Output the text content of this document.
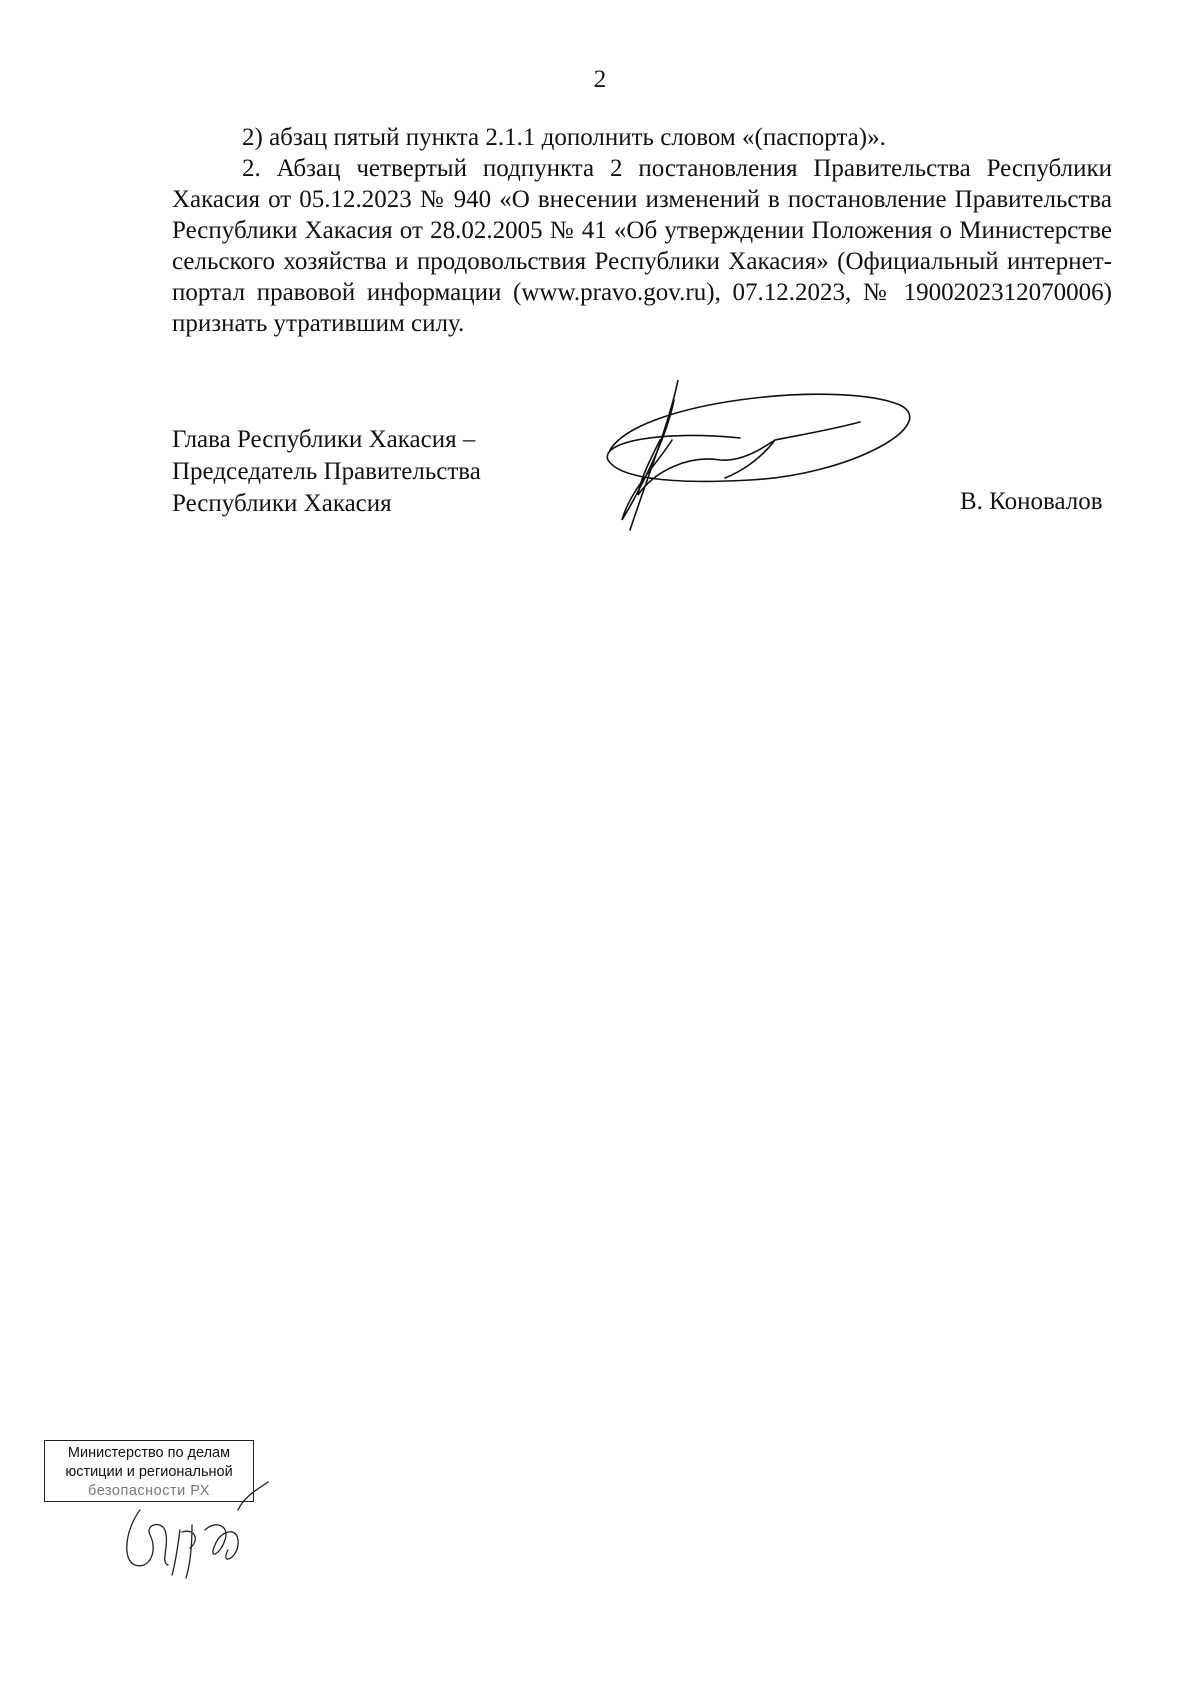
2

2) абзац пятый пункта 2.1.1 дополнить словом «(паспорта)».

2. Абзац четвертый подпункта 2 постановления Правительства Республики Хакасия от 05.12.2023 № 940 «О внесении изменений в постановление Правительства Республики Хакасия от 28.02.2005 № 41 «Об утверждении Положения о Министерстве сельского хозяйства и продовольствия Республики Хакасия» (Официальный интернет-портал правовой информации (www.pravo.gov.ru), 07.12.2023, № 1900202312070006) признать утратившим силу.

Глава Республики Хакасия –
Председатель Правительства
Республики Хакасия	В. Коновалов
Министерство по делам
юстиции и региональной
безопасности РХ
